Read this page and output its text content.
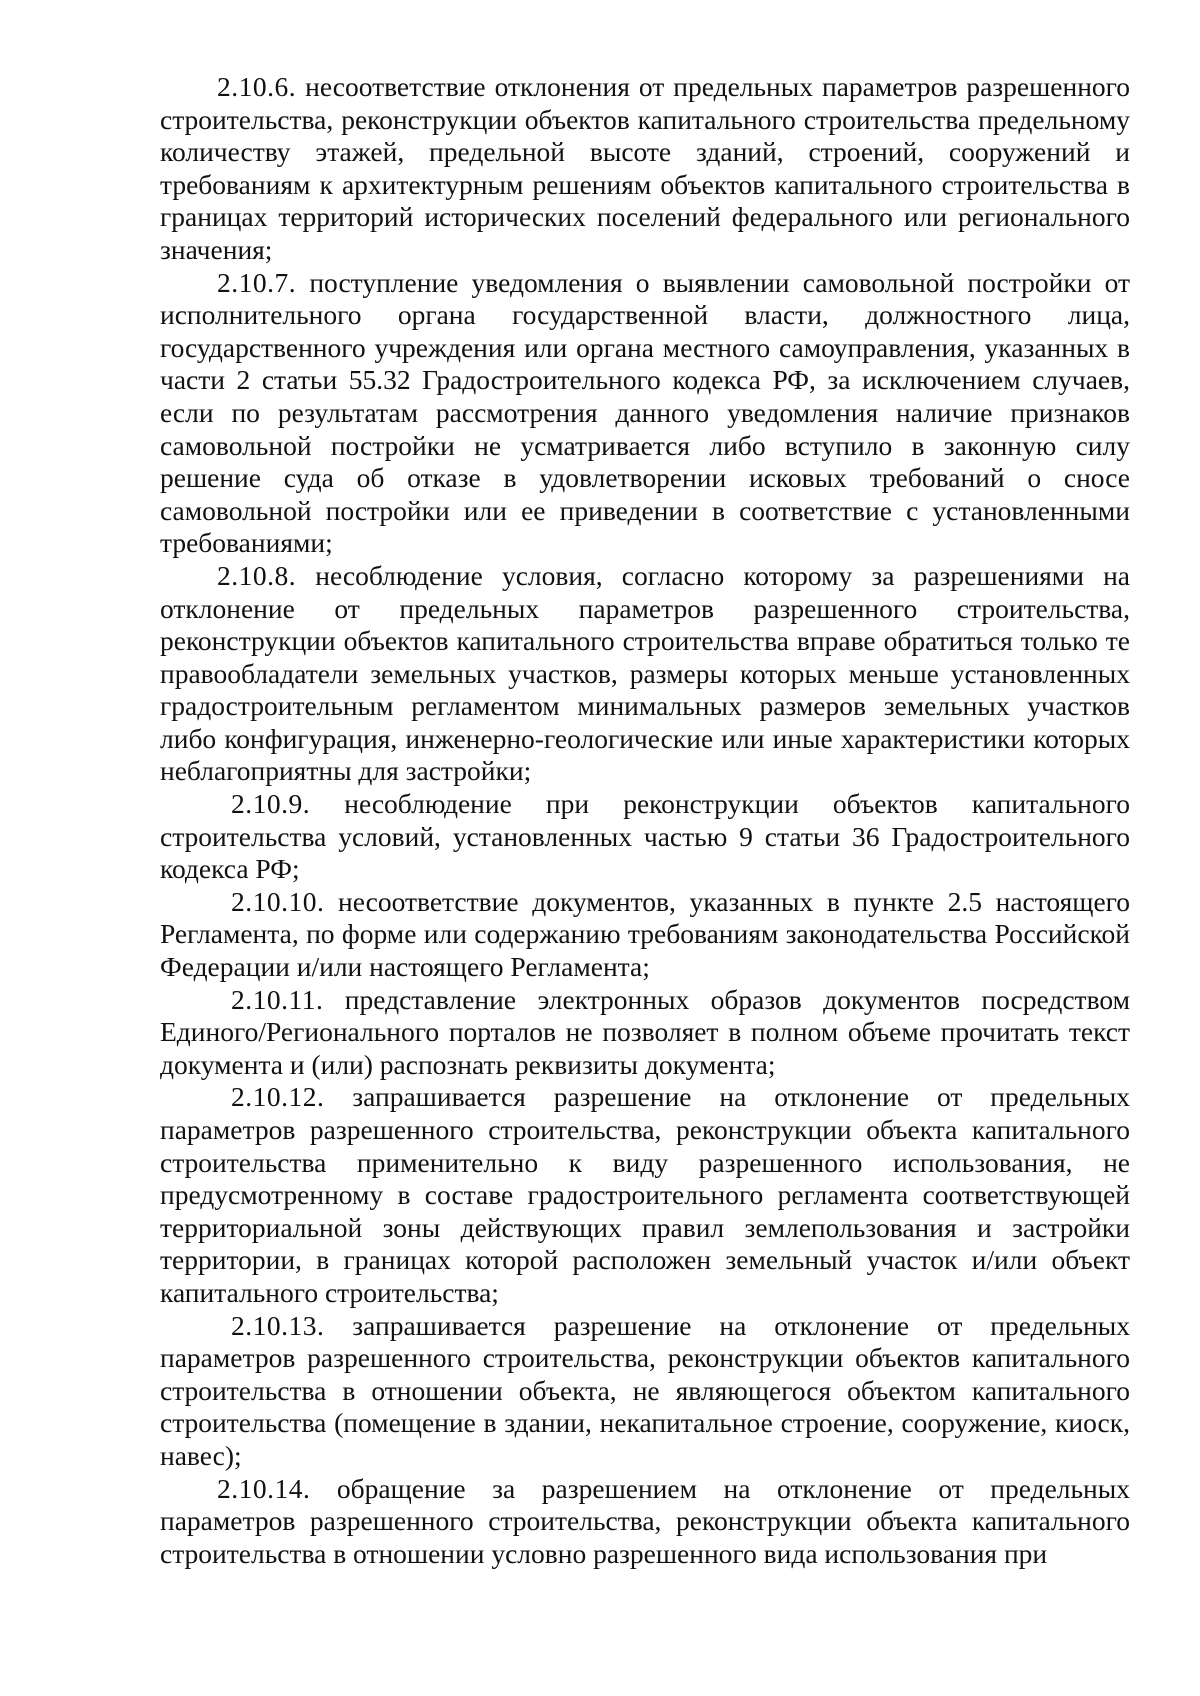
2.10.6. несоответствие отклонения от предельных параметров разрешенного строительства, реконструкции объектов капитального строительства предельному количеству этажей, предельной высоте зданий, строений, сооружений и требованиям к архитектурным решениям объектов капитального строительства в границах территорий исторических поселений федерального или регионального значения;

2.10.7. поступление уведомления о выявлении самовольной постройки от исполнительного органа государственной власти, должностного лица, государственного учреждения или органа местного самоуправления, указанных в части 2 статьи 55.32 Градостроительного кодекса РФ, за исключением случаев, если по результатам рассмотрения данного уведомления наличие признаков самовольной постройки не усматривается либо вступило в законную силу решение суда об отказе в удовлетворении исковых требований о сносе самовольной постройки или ее приведении в соответствие с установленными требованиями;

2.10.8. несоблюдение условия, согласно которому за разрешениями на отклонение от предельных параметров разрешенного строительства, реконструкции объектов капитального строительства вправе обратиться только те правообладатели земельных участков, размеры которых меньше установленных градостроительным регламентом минимальных размеров земельных участков либо конфигурация, инженерно-геологические или иные характеристики которых неблагоприятны для застройки;

2.10.9. несоблюдение при реконструкции объектов капитального строительства условий, установленных частью 9 статьи 36 Градостроительного кодекса РФ;

2.10.10. несоответствие документов, указанных в пункте 2.5 настоящего Регламента, по форме или содержанию требованиям законодательства Российской Федерации и/или настоящего Регламента;

2.10.11. представление электронных образов документов посредством Единого/Регионального порталов не позволяет в полном объеме прочитать текст документа и (или) распознать реквизиты документа;

2.10.12. запрашивается разрешение на отклонение от предельных параметров разрешенного строительства, реконструкции объекта капитального строительства применительно к виду разрешенного использования, не предусмотренному в составе градостроительного регламента соответствующей территориальной зоны действующих правил землепользования и застройки территории, в границах которой расположен земельный участок и/или объект капитального строительства;

2.10.13. запрашивается разрешение на отклонение от предельных параметров разрешенного строительства, реконструкции объектов капитального строительства в отношении объекта, не являющегося объектом капитального строительства (помещение в здании, некапитальное строение, сооружение, киоск, навес);

2.10.14. обращение за разрешением на отклонение от предельных параметров разрешенного строительства, реконструкции объекта капитального строительства в отношении условно разрешенного вида использования при
